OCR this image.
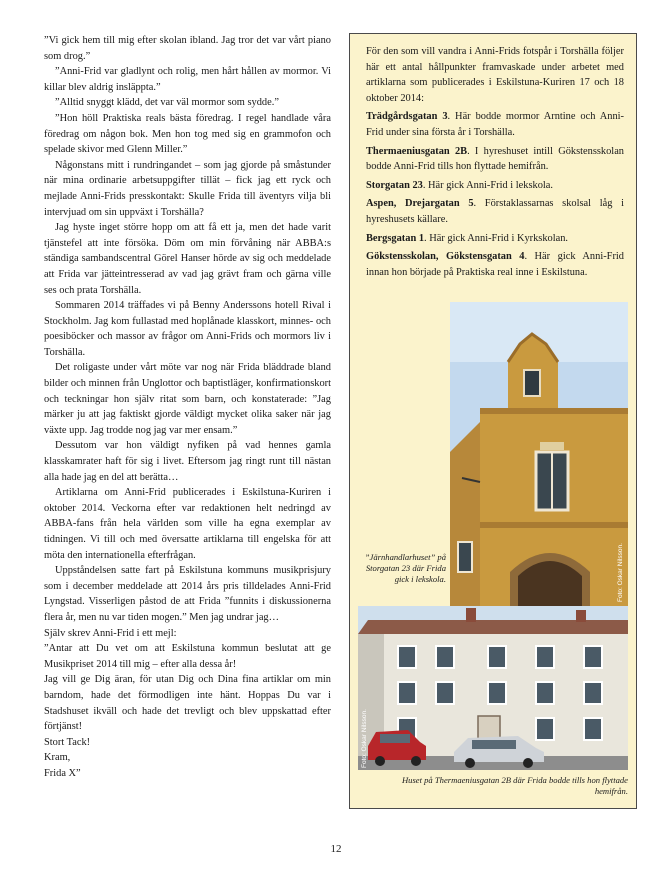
”Vi gick hem till mig efter skolan ibland. Jag tror det var vårt piano som drog.”

”Anni-Frid var gladlynt och rolig, men hårt hållen av mormor. Vi killar blev aldrig insläppta.”

”Alltid snyggt klädd, det var väl mormor som sydde.”

”Hon höll Praktiska reals bästa föredrag. I regel handlade våra föredrag om någon bok. Men hon tog med sig en grammofon och spelade skivor med Glenn Miller.”

Någonstans mitt i rundringandet – som jag gjorde på småstunder när mina ordinarie arbetsuppgifter tillät – fick jag ett ryck och mejlade Anni-Frids presskontakt: Skulle Frida till äventyrs vilja bli intervjuad om sin uppväxt i Torshälla?

Jag hyste inget större hopp om att få ett ja, men det hade varit tjänstefel att inte försöka. Döm om min förvåning när ABBA:s ständiga sambandscentral Görel Hanser hörde av sig och meddelade att Frida var jätteintresserad av vad jag grävt fram och gärna ville ses och prata Torshälla.

Sommaren 2014 träffades vi på Benny Anderssons hotell Rival i Stockholm. Jag kom fullastad med hoplånade klasskort, minnes- och poesiböcker och massor av frågor om Anni-Frids och mormors liv i Torshälla.

Det roligaste under vårt möte var nog när Frida bläddrade bland bilder och minnen från Unglottor och baptistläger, konfirmationskort och teckningar hon själv ritat som barn, och konstaterade: ”Jag märker ju att jag faktiskt gjorde väldigt mycket olika saker när jag växte upp. Jag trodde nog jag var mer ensam.”

Dessutom var hon väldigt nyfiken på vad hennes gamla klasskamrater haft för sig i livet. Eftersom jag ringt runt till nästan alla hade jag en del att berätta…

Artiklarna om Anni-Frid publicerades i Eskilstuna-Kuriren i oktober 2014. Veckorna efter var redaktionen helt nedringd av ABBA-fans från hela världen som ville ha egna exemplar av tidningen. Vi till och med översatte artiklarna till engelska för att möta den internationella efterfrågan.

Uppståndelsen satte fart på Eskilstuna kommuns musikprisjury som i december meddelade att 2014 års pris tilldelades Anni-Frid Lyngstad. Visserligen påstod de att Frida ”funnits i diskussionerna flera år, men nu var tiden mogen.” Men jag undrar jag…

Själv skrev Anni-Frid i ett mejl:

”Antar att Du vet om att Eskilstuna kommun beslutat att ge Musikpriset 2014 till mig – efter alla dessa år!

Jag vill ge Dig äran, för utan Dig och Dina fina artiklar om min barndom, hade det förmodligen inte hänt. Hoppas Du var i Stadshuset ikväll och hade det trevligt och blev uppskattad efter förtjänst!

Stort Tack!

Kram,

Frida X”

För den som vill vandra i Anni-Frids fotspår i Torshälla följer här ett antal hållpunkter framvaskade under arbetet med artiklarna som publicerades i Eskilstuna-Kuriren 17 och 18 oktober 2014:

Trädgårdsgatan 3. Här bodde mormor Arntine och Anni-Frid under sina första år i Torshälla.

Thermaeniusgatan 2B. I hyreshuset intill Gökstensskolan bodde Anni-Frid tills hon flyttade hemifrån.

Storgatan 23. Här gick Anni-Frid i lekskola.

Aspen, Drejargatan 5. Förstaklassarnas skolsal låg i hyreshusets källare.

Bergsgatan 1. Här gick Anni-Frid i Kyrkskolan.

Gökstensskolan, Gökstensgatan 4. Här gick Anni-Frid innan hon började på Praktiska real inne i Eskilstuna.

Foto: Oskar Nilsson.
”Järnhandlarhuset” på Storgatan 23 där Frida gick i lekskola.
Foto: Oskar Nilsson.
Huset på Thermaeniusgatan 2B där Frida bodde tills hon flyttade hemifrån.
12
